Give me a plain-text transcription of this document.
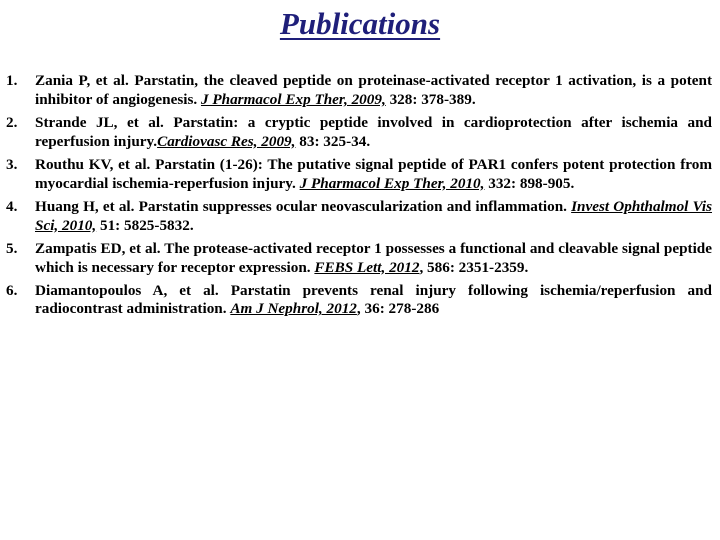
Publications
1. Zania P, et al. Parstatin, the cleaved peptide on proteinase-activated receptor 1 activation, is a potent inhibitor of angiogenesis. J Pharmacol Exp Ther, 2009, 328: 378-389.
2. Strande JL, et al. Parstatin: a cryptic peptide involved in cardioprotection after ischemia and reperfusion injury.Cardiovasc Res, 2009, 83: 325-34.
3. Routhu KV, et al. Parstatin (1-26): The putative signal peptide of PAR1 confers potent protection from myocardial ischemia-reperfusion injury. J Pharmacol Exp Ther, 2010, 332: 898-905.
4. Huang H, et al. Parstatin suppresses ocular neovascularization and inflammation. Invest Ophthalmol Vis Sci, 2010, 51: 5825-5832.
5. Zampatis ED, et al. The protease-activated receptor 1 possesses a functional and cleavable signal peptide which is necessary for receptor expression. FEBS Lett, 2012, 586: 2351-2359.
6. Diamantopoulos A, et al. Parstatin prevents renal injury following ischemia/reperfusion and radiocontrast administration. Am J Nephrol, 2012, 36: 278-286
